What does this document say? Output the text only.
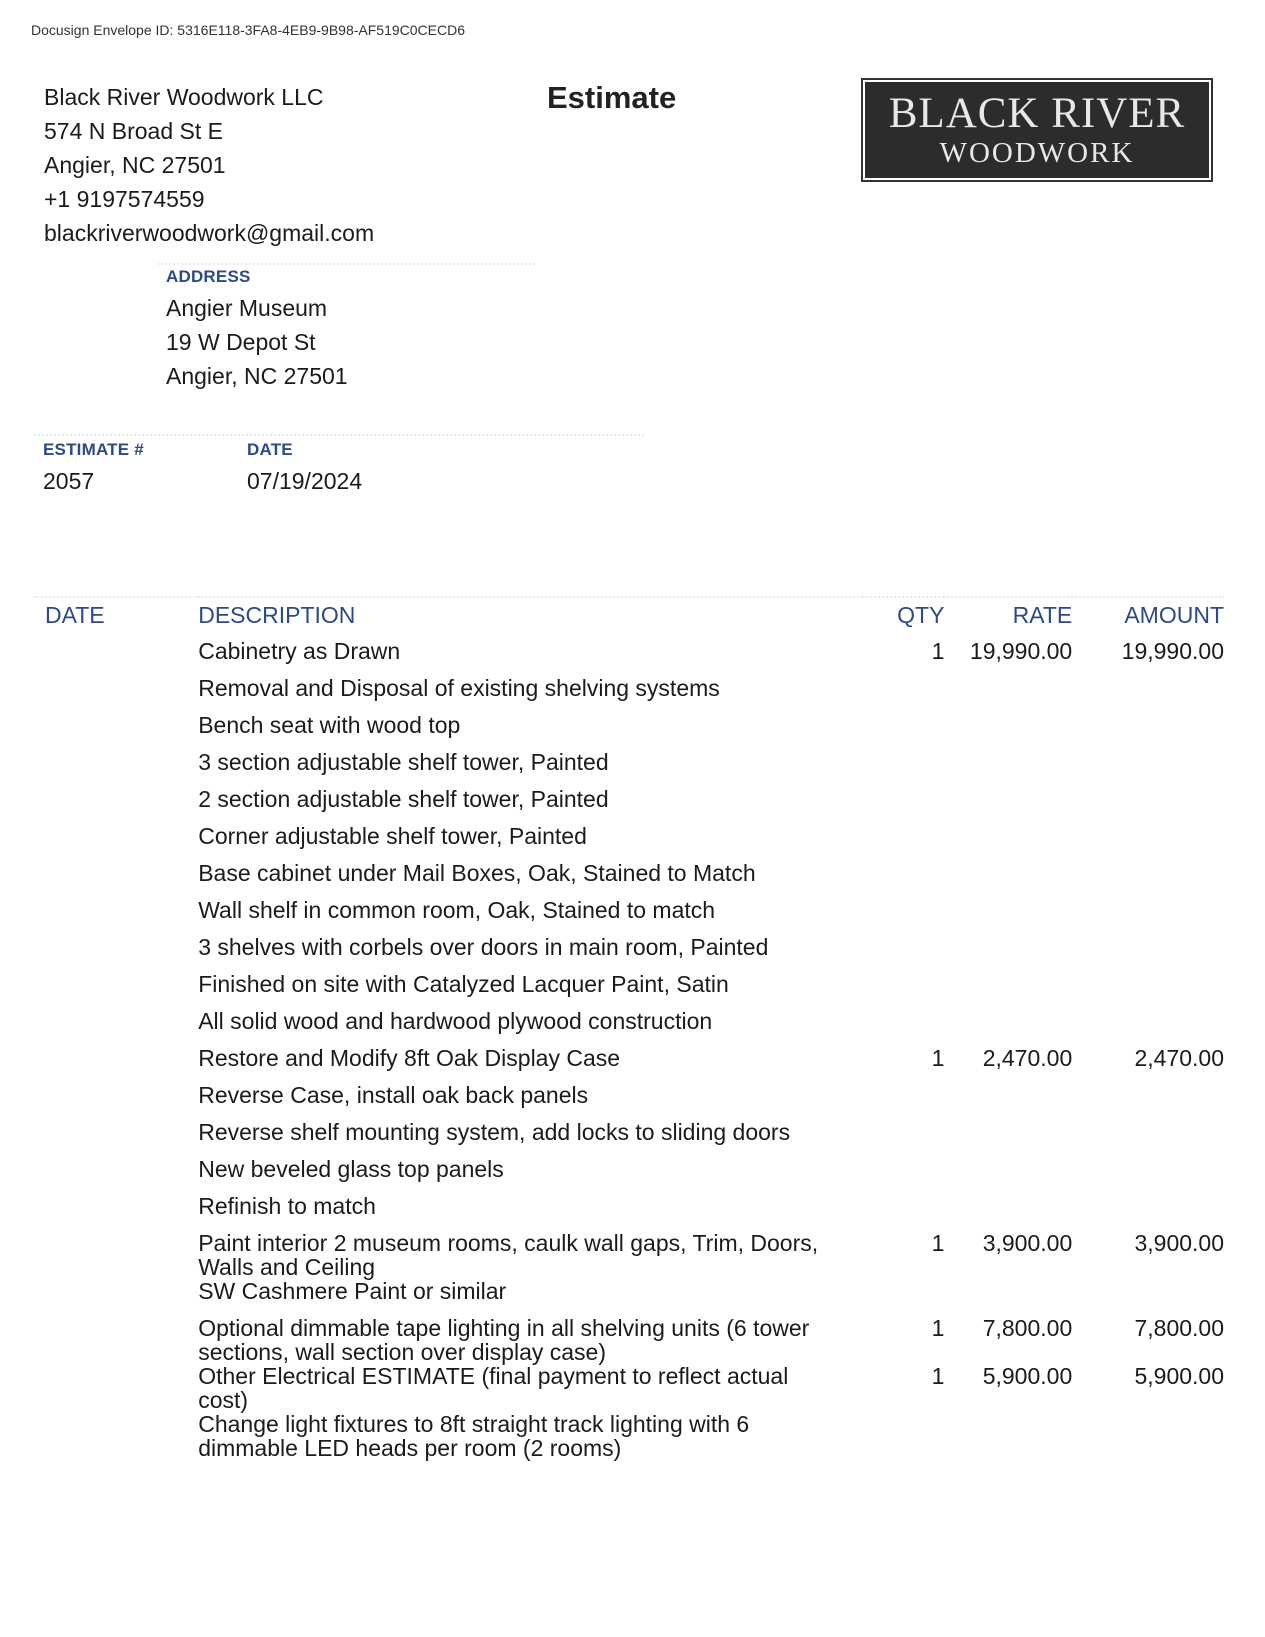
Docusign Envelope ID: 5316E118-3FA8-4EB9-9B98-AF519C0CECD6
Black River Woodwork LLC
574 N Broad St E
Angier, NC 27501
+1 9197574559
blackriverwoodwork@gmail.com
Estimate	BLACK RIVER
WOODWORK
ADDRESS
Angier Museum
19 W Depot St
Angier, NC 27501
ESTIMATE #
2057
DATE
07/19/2024
DATE	DESCRIPTION	QTY	RATE	AMOUNT
	Cabinetry as Drawn	1	19,990.00	19,990.00
	Removal and Disposal of existing shelving systems			
	Bench seat with wood top			
	3 section adjustable shelf tower, Painted			
	2 section adjustable shelf tower, Painted			
	Corner adjustable shelf tower, Painted			
	Base cabinet under Mail Boxes, Oak, Stained to Match			
	Wall shelf in common room, Oak, Stained to match			
	3 shelves with corbels over doors in main room, Painted			
	Finished on site with Catalyzed Lacquer Paint, Satin			
	All solid wood and hardwood plywood construction			
	Restore and Modify 8ft Oak Display Case	1	2,470.00	2,470.00
	Reverse Case, install oak back panels			
	Reverse shelf mounting system, add locks to sliding doors			
	New beveled glass top panels			
	Refinish to match			
	Paint interior 2 museum rooms, caulk wall gaps, Trim, Doors, Walls and Ceiling	1	3,900.00	3,900.00
	SW Cashmere Paint or similar			
	Optional dimmable tape lighting in all shelving units (6 tower sections, wall section over display case)	1	7,800.00	7,800.00
	Other Electrical ESTIMATE (final payment to reflect actual cost)	1	5,900.00	5,900.00
	Change light fixtures to 8ft straight track lighting with 6 dimmable LED heads per room (2 rooms)			
